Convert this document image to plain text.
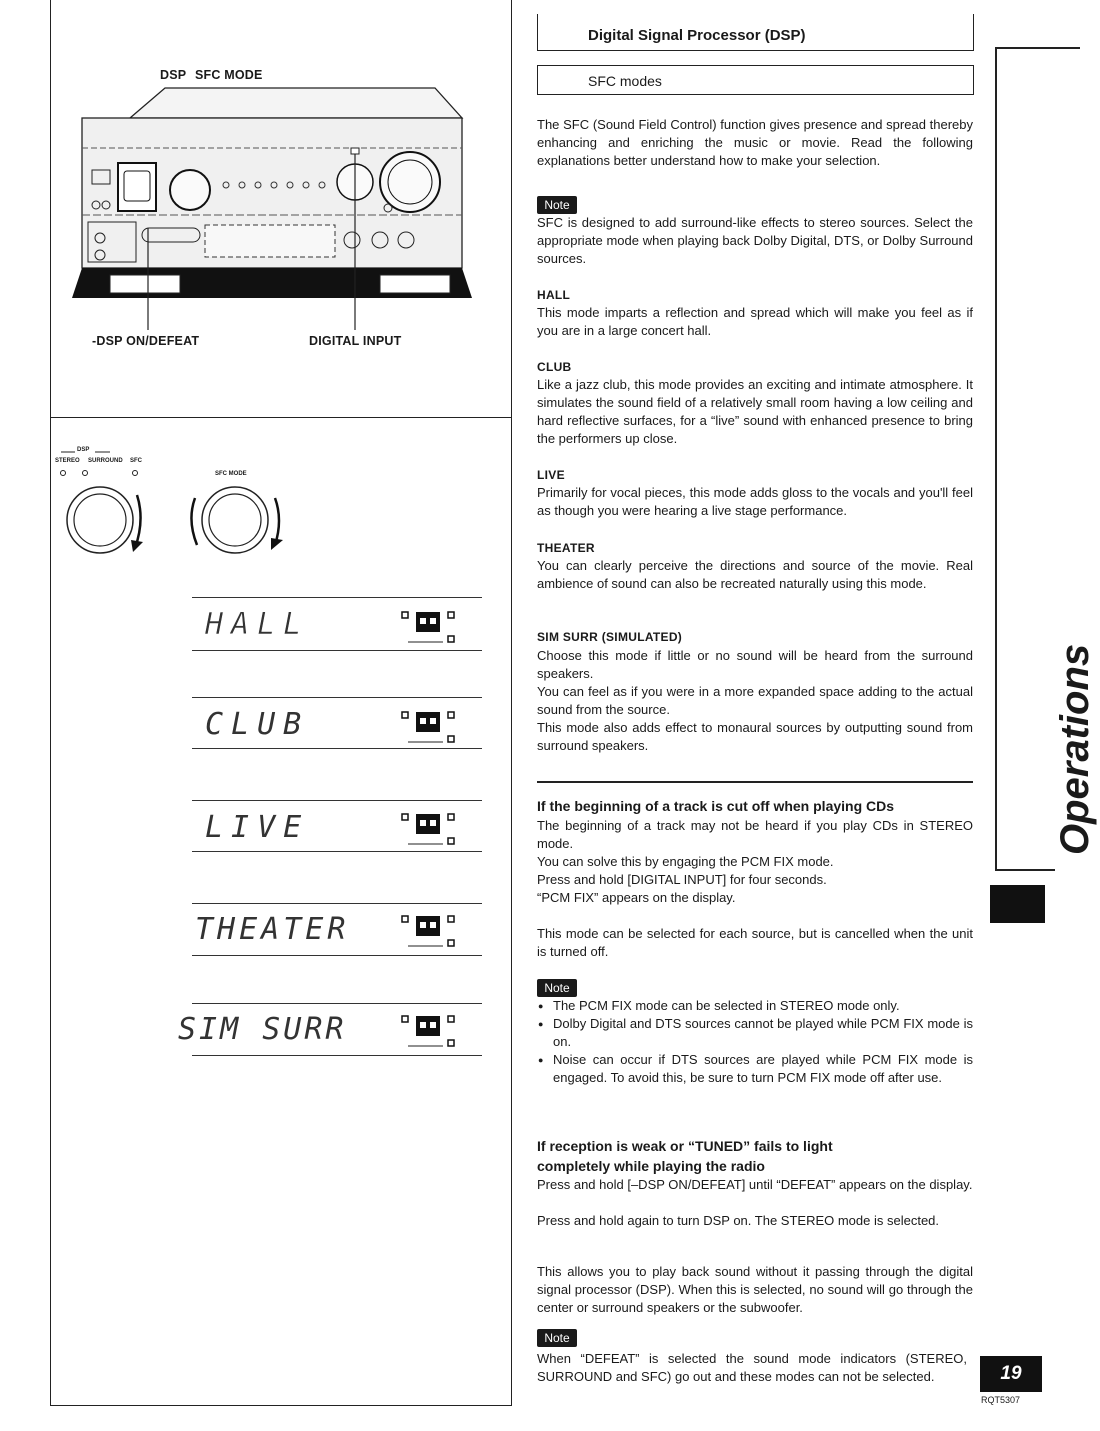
DSP SFC MODE
-DSP ON/DEFEAT	DIGITAL INPUT
DSP
STEREO SURROUND SFC
SFC MODE
HALL
CLUB
LIVE
THEATER
SIM SURR
Digital Signal Processor (DSP)
SFC modes
The SFC (Sound Field Control) function gives presence and spread thereby enhancing and enriching the music or movie. Read the following explanations better understand how to make your selection.
Note
SFC is designed to add surround-like effects to stereo sources. Select the appropriate mode when playing back Dolby Digital, DTS, or Dolby Surround sources.
HALL
This mode imparts a reflection and spread which will make you feel as if you are in a large concert hall.
CLUB
Like a jazz club, this mode provides an exciting and intimate atmosphere. It simulates the sound field of a relatively small room having a low ceiling and hard reflective surfaces, for a “live” sound with enhanced presence to bring the performers up close.
LIVE
Primarily for vocal pieces, this mode adds gloss to the vocals and you'll feel as though you were hearing a live stage performance.
THEATER
You can clearly perceive the directions and source of the movie. Real ambience of sound can also be recreated naturally using this mode.
SIM SURR (SIMULATED)
Choose this mode if little or no sound will be heard from the surround speakers.
You can feel as if you were in a more expanded space adding to the actual sound from the source.
This mode also adds effect to monaural sources by outputting sound from surround speakers.
If the beginning of a track is cut off when playing CDs
The beginning of a track may not be heard if you play CDs in STEREO mode.
You can solve this by engaging the PCM FIX mode.
Press and hold [DIGITAL INPUT] for four seconds.
“PCM FIX” appears on the display.
This mode can be selected for each source, but is cancelled when the unit is turned off.
Note
● The PCM FIX mode can be selected in STEREO mode only.
● Dolby Digital and DTS sources cannot be played while PCM FIX mode is on.
● Noise can occur if DTS sources are played while PCM FIX mode is engaged. To avoid this, be sure to turn PCM FIX mode off after use.
If reception is weak or “TUNED” fails to light
completely while playing the radio
Press and hold [–DSP ON/DEFEAT] until “DEFEAT” appears on the display.
Press and hold again to turn DSP on. The STEREO mode is selected.
This allows you to play back sound without it passing through the digital signal processor (DSP). When this is selected, no sound will go through the center or surround speakers or the subwoofer.
Note
When “DEFEAT” is selected the sound mode indicators (STEREO, SURROUND and SFC) go out and these modes can not be selected.
Operations
19
RQT5307
